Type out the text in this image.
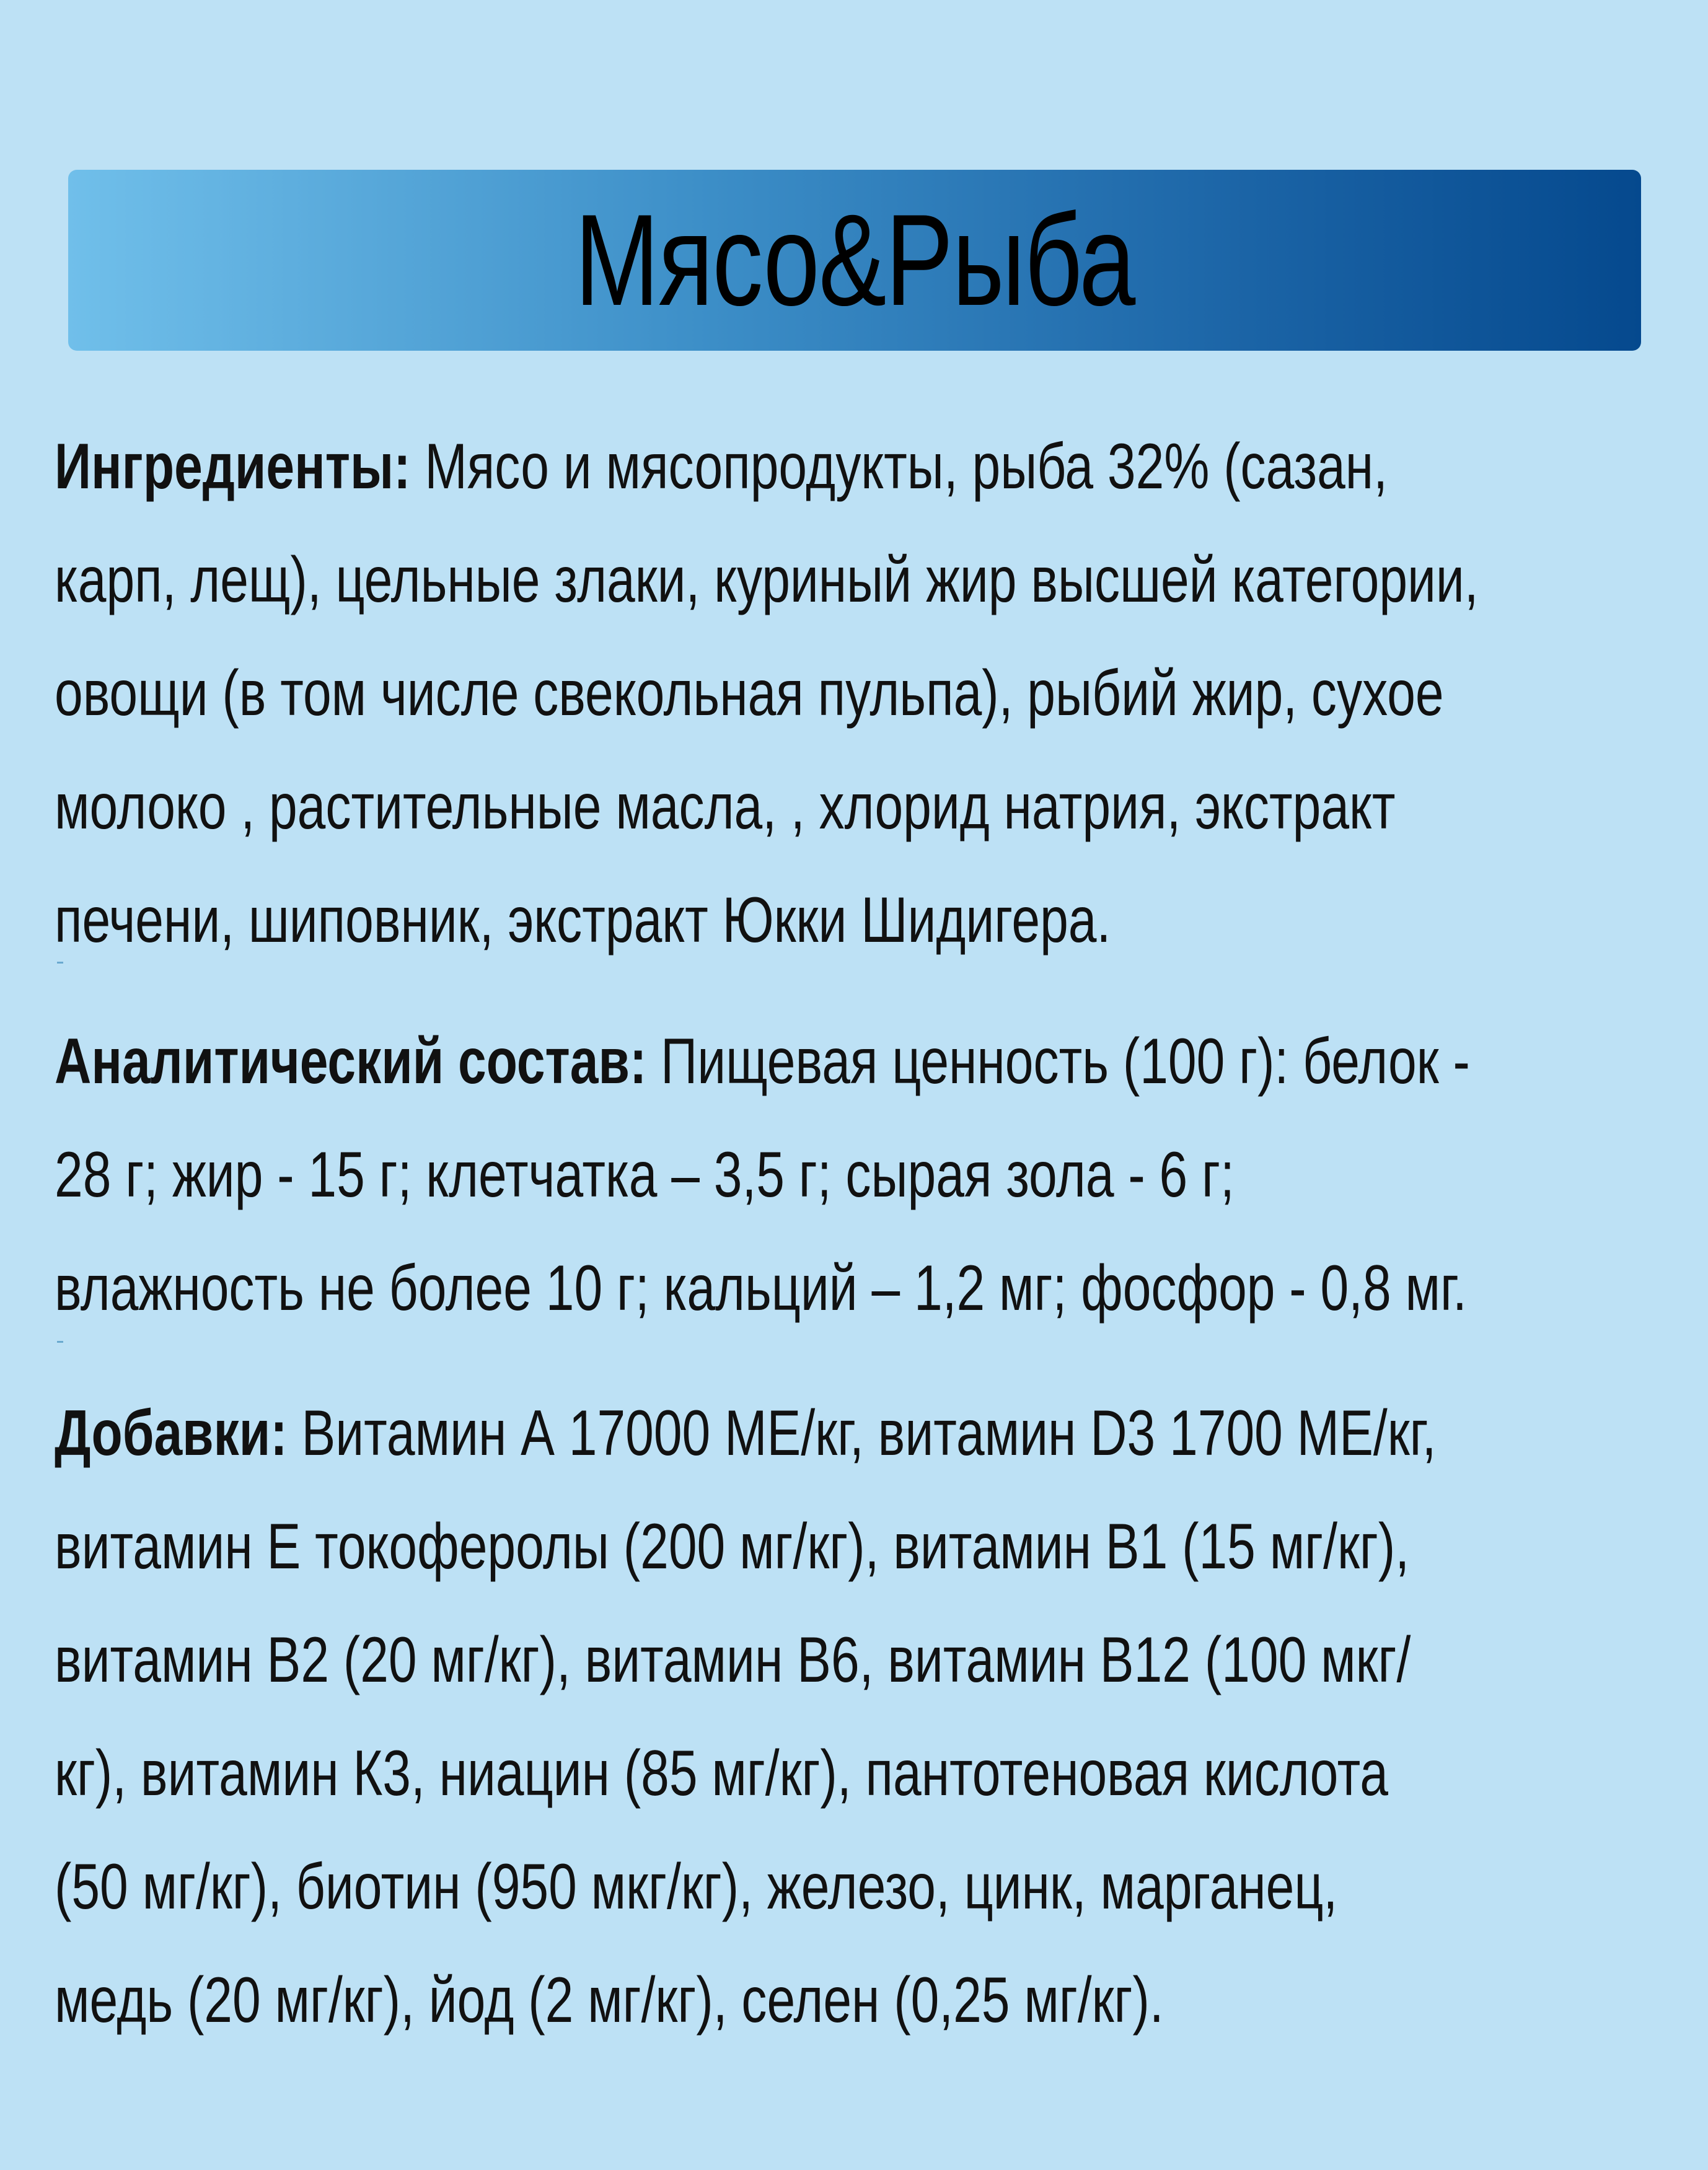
Мясо&Рыба
Ингредиенты: Мясо и мясопродукты, рыба 32% (сазан,
карп, лещ), цельные злаки, куриный жир высшей категории,
овощи (в том числе свекольная пульпа), рыбий жир, сухое
молоко , растительные масла, , хлорид натрия, экстракт
печени, шиповник, экстракт Юкки Шидигера.
Аналитический состав: Пищевая ценность (100 г): белок -
28 г; жир - 15 г; клетчатка – 3,5 г; сырая зола - 6 г;
влажность не более 10 г; кальций – 1,2 мг; фосфор - 0,8 мг.
Добавки: Витамин А 17000 МЕ/кг, витамин D3 1700 МЕ/кг,
витамин Е токоферолы (200 мг/кг), витамин В1 (15 мг/кг),
витамин В2 (20 мг/кг), витамин В6, витамин В12 (100 мкг/
кг), витамин К3, ниацин (85 мг/кг), пантотеновая кислота
(50 мг/кг), биотин (950 мкг/кг), железо, цинк, марганец,
медь (20 мг/кг), йод (2 мг/кг), селен (0,25 мг/кг).
